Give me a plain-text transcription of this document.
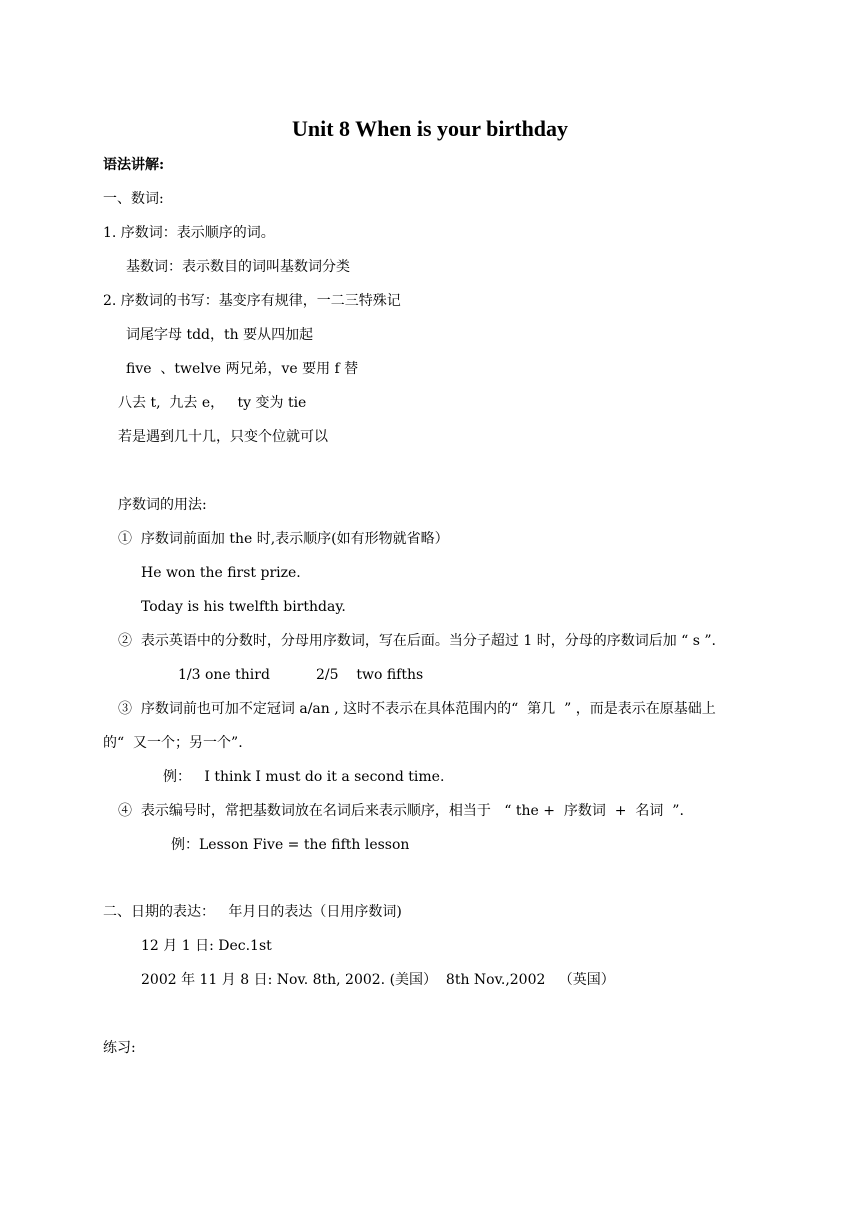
Unit 8 When is your birthday
语法讲解:
一、数词:
1. 序数词：表示顺序的词。
基数词：表示数目的词叫基数词分类
2. 序数词的书写：基变序有规律，一二三特殊记
词尾字母 tdd，th 要从四加起
five  、twelve 两兄弟，ve 要用 f 替
八去 t,  九去 e，   ty 变为 tie
若是遇到几十几，只变个位就可以
序数词的用法:
①  序数词前面加 the 时,表示顺序(如有形物就省略）
He won the first prize.
Today is his twelfth birthday.
②  表示英语中的分数时，分母用序数词，写在后面。当分子超过 1 时，分母的序数词后加 “ s ”.
1/3 one third	2/5    two fifths
③  序数词前也可加不定冠词 a/an , 这时不表示在具体范围内的“  第几  ” ，而是表示在原基础上
的“  又一个；另一个”.
例：   I think I must do it a second time.
④  表示编号时，常把基数词放在名词后来表示顺序，相当于   “ the +  序数词  +  名词  ”.
例：Lesson Five = the fifth lesson
二、日期的表达：   年月日的表达（日用序数词)
12 月 1 日: Dec.1st
2002 年 11 月 8 日: Nov. 8th, 2002. (美国）  8th Nov.,2002   （英国）
练习:
